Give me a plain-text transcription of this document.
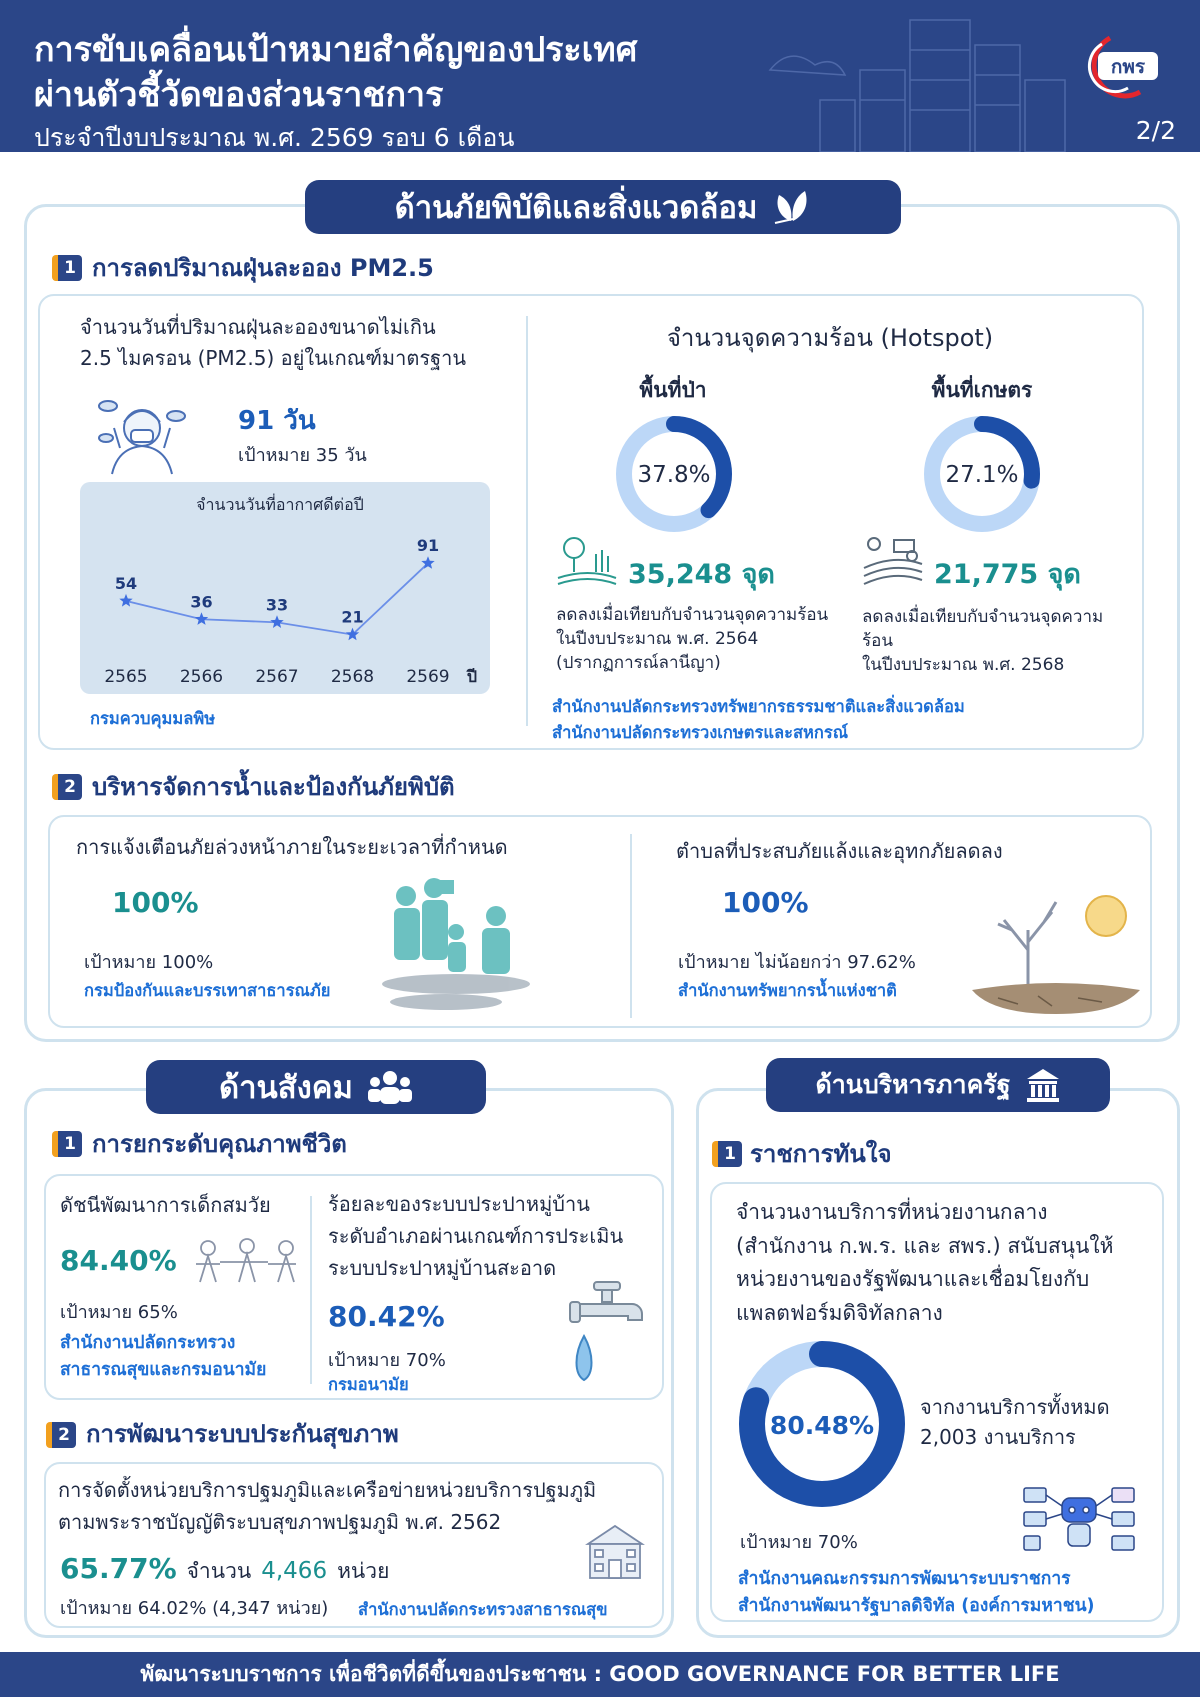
การขับเคลื่อนเป้าหมายสำคัญของประเทศ
ผ่านตัวชี้วัดของส่วนราชการ
ประจำปีงบประมาณ พ.ศ. 2569 รอบ 6 เดือน	2/2
กพร
ด้านภัยพิบัติและสิ่งแวดล้อม
1 การลดปริมาณฝุ่นละออง PM2.5
จำนวนวันที่ปริมาณฝุ่นละอองขนาดไม่เกิน
2.5 ไมครอน (PM2.5) อยู่ในเกณฑ์มาตรฐาน
91 วัน
เป้าหมาย 35 วัน
จำนวนวันที่อากาศดีต่อปี
ปี
54
2565
36
2566
33
2567
21
2568
91
2569
กรมควบคุมมลพิษ
จำนวนจุดความร้อน (Hotspot)
พื้นที่ป่า	พื้นที่เกษตร
37.8%	27.1%
35,248 จุด	21,775 จุด
ลดลงเมื่อเทียบกับจำนวนจุดความร้อน
ในปีงบประมาณ พ.ศ. 2564
(ปรากฏการณ์ลานีญา)
ลดลงเมื่อเทียบกับจำนวนจุดความร้อน
ในปีงบประมาณ พ.ศ. 2568
สำนักงานปลัดกระทรวงทรัพยากรธรรมชาติและสิ่งแวดล้อม
สำนักงานปลัดกระทรวงเกษตรและสหกรณ์
2 บริหารจัดการน้ำและป้องกันภัยพิบัติ
การแจ้งเตือนภัยล่วงหน้าภายในระยะเวลาที่กำหนด
100%
เป้าหมาย 100%
กรมป้องกันและบรรเทาสาธารณภัย
ตำบลที่ประสบภัยแล้งและอุทกภัยลดลง
100%
เป้าหมาย ไม่น้อยกว่า 97.62%
สำนักงานทรัพยากรน้ำแห่งชาติ
ด้านสังคม
1 การยกระดับคุณภาพชีวิต
ดัชนีพัฒนาการเด็กสมวัย
84.40%
เป้าหมาย 65%
สำนักงานปลัดกระทรวง
สาธารณสุขและกรมอนามัย
ร้อยละของระบบประปาหมู่บ้าน
ระดับอำเภอผ่านเกณฑ์การประเมิน
ระบบประปาหมู่บ้านสะอาด
80.42%
เป้าหมาย 70%
กรมอนามัย
2 การพัฒนาระบบประกันสุขภาพ
การจัดตั้งหน่วยบริการปฐมภูมิและเครือข่ายหน่วยบริการปฐมภูมิ
ตามพระราชบัญญัติระบบสุขภาพปฐมภูมิ พ.ศ. 2562
65.77% จำนวน 4,466 หน่วย
เป้าหมาย 64.02% (4,347 หน่วย) สำนักงานปลัดกระทรวงสาธารณสุข
ด้านบริหารภาครัฐ
1 ราชการทันใจ
จำนวนงานบริการที่หน่วยงานกลาง
(สำนักงาน ก.พ.ร. และ สพร.) สนับสนุนให้
หน่วยงานของรัฐพัฒนาและเชื่อมโยงกับ
แพลตฟอร์มดิจิทัลกลาง
80.48%
จากงานบริการทั้งหมด
2,003 งานบริการ
เป้าหมาย 70%
สำนักงานคณะกรรมการพัฒนาระบบราชการ
สำนักงานพัฒนารัฐบาลดิจิทัล (องค์การมหาชน)
พัฒนาระบบราชการ เพื่อชีวิตที่ดีขึ้นของประชาชน : GOOD GOVERNANCE FOR BETTER LIFE
